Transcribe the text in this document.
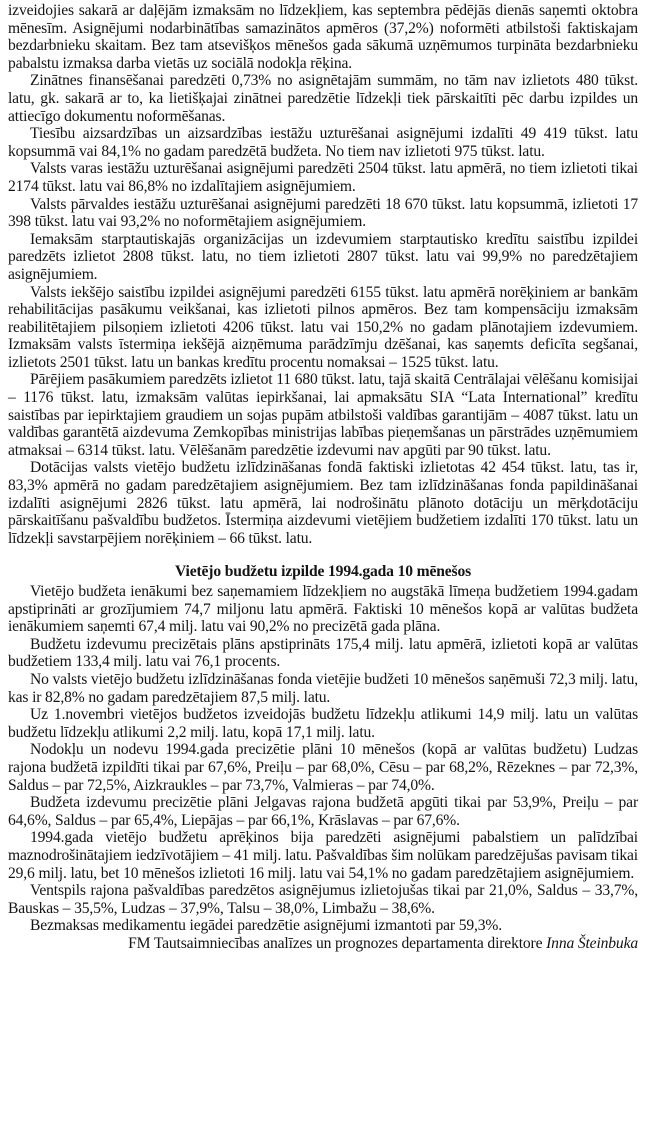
izveidojies sakarā ar daļējām izmaksām no līdzekļiem, kas septembra pēdējās dienās saņemti oktobra mēnesīm. Asignējumi nodarbinātības samazinātos apmēros (37,2%) noformēti atbilstoši faktiskajam bezdarbnieku skaitam. Bez tam atsevišķos mēnešos gada sākumā uzņēmumos turpināta bezdarbnieku pabalstu izmaksa darba vietās uz sociālā nodokļa rēķina.

Zinātnes finansēšanai paredzēti 0,73% no asignētajām summām, no tām nav izlietots 480 tūkst. latu, gk. sakarā ar to, ka lietišķajai zinātnei paredzētie līdzekļi tiek pārskaitīti pēc darbu izpildes un attiecīgo dokumentu noformēšanas.

Tiesību aizsardzības un aizsardzības iestāžu uzturēšanai asignējumi izdalīti 49 419 tūkst. latu kopsummā vai 84,1% no gadam paredzētā budžeta. No tiem nav izlietoti 975 tūkst. latu.

Valsts varas iestāžu uzturēšanai asignējumi paredzēti 2504 tūkst. latu apmērā, no tiem izlietoti tikai 2174 tūkst. latu vai 86,8% no izdalītajiem asignējumiem.

Valsts pārvaldes iestāžu uzturēšanai asignējumi paredzēti 18 670 tūkst. latu kopsummā, izlietoti 17 398 tūkst. latu vai 93,2% no noformētajiem asignējumiem.

Iemaksām starptautiskajās organizācijas un izdevumiem starptautisko kredītu saistību izpildei paredzēts izlietot 2808 tūkst. latu, no tiem izlietoti 2807 tūkst. latu vai 99,9% no paredzētajiem asignējumiem.

Valsts iekšējo saistību izpildei asignējumi paredzēti 6155 tūkst. latu apmērā norēķiniem ar bankām rehabilitācijas pasākumu veikšanai, kas izlietoti pilnos apmēros. Bez tam kompensāciju izmaksām reabilitētajiem pilsoņiem izlietoti 4206 tūkst. latu vai 150,2% no gadam plānotajiem izdevumiem. Izmaksām valsts īstermiņa iekšējā aizņēmuma parādzīmju dzēšanai, kas saņemts deficīta segšanai, izlietots 2501 tūkst. latu un bankas kredītu procentu nomaksai – 1525 tūkst. latu.

Pārējiem pasākumiem paredzēts izlietot 11 680 tūkst. latu, tajā skaitā Centrālajai vēlēšanu komisijai – 1176 tūkst. latu, izmaksām valūtas iepirkšanai, lai apmaksātu SIA “Lata International” kredītu saistības par iepirktajiem graudiem un sojas pupām atbilstoši valdības garantijām – 4087 tūkst. latu un valdības garantētā aizdevuma Zemkopības ministrijas labības pieņemšanas un pārstrādes uzņēmumiem atmaksai – 6314 tūkst. latu. Vēlēšanām paredzētie izdevumi nav apgūti par 90 tūkst. latu.

Dotācijas valsts vietējo budžetu izlīdzināšanas fondā faktiski izlietotas 42 454 tūkst. latu, tas ir, 83,3% apmērā no gadam paredzētajiem asignējumiem. Bez tam izlīdzināšanas fonda papildināšanai izdalīti asignējumi 2826 tūkst. latu apmērā, lai nodrošinātu plānoto dotāciju un mērķdotāciju pārskaitīšanu pašvaldību budžetos. Īstermiņa aizdevumi vietējiem budžetiem izdalīti 170 tūkst. latu un līdzekļi savstarpējiem norēķiniem – 66 tūkst. latu.

Vietējo budžetu izpilde 1994.gada 10 mēnešos

Vietējo budžeta ienākumi bez saņemamiem līdzekļiem no augstākā līmeņa budžetiem 1994.gadam apstiprināti ar grozījumiem 74,7 miljonu latu apmērā. Faktiski 10 mēnešos kopā ar valūtas budžeta ienākumiem saņemti 67,4 milj. latu vai 90,2% no precizētā gada plāna.

Budžetu izdevumu precizētais plāns apstiprināts 175,4 milj. latu apmērā, izlietoti kopā ar valūtas budžetiem 133,4 milj. latu vai 76,1 procents.

No valsts vietējo budžetu izlīdzināšanas fonda vietējie budžeti 10 mēnešos saņēmuši 72,3 milj. latu, kas ir 82,8% no gadam paredzētajiem 87,5 milj. latu.

Uz 1.novembri vietējos budžetos izveidojās budžetu līdzekļu atlikumi 14,9 milj. latu un valūtas budžetu līdzekļu atlikumi 2,2 milj. latu, kopā 17,1 milj. latu.

Nodokļu un nodevu 1994.gada precizētie plāni 10 mēnešos (kopā ar valūtas budžetu) Ludzas rajona budžetā izpildīti tikai par 67,6%, Preiļu – par 68,0%, Cēsu – par 68,2%, Rēzeknes – par 72,3%, Saldus – par 72,5%, Aizkraukles – par 73,7%, Valmieras – par 74,0%.

Budžeta izdevumu precizētie plāni Jelgavas rajona budžetā apgūti tikai par 53,9%, Preiļu – par 64,6%, Saldus – par 65,4%, Liepājas – par 66,1%, Krāslavas – par 67,6%.

1994.gada vietējo budžetu aprēķinos bija paredzēti asignējumi pabalstiem un palīdzībai maznodrošinātajiem iedzīvotājiem – 41 milj. latu. Pašvaldības šim nolūkam paredzējušas pavisam tikai 29,6 milj. latu, bet 10 mēnešos izlietoti 16 milj. latu vai 54,1% no gadam paredzētajiem asignējumiem.

Ventspils rajona pašvaldības paredzētos asignējumus izlietojušas tikai par 21,0%, Saldus – 33,7%, Bauskas – 35,5%, Ludzas – 37,9%, Talsu – 38,0%, Limbažu – 38,6%.

Bezmaksas medikamentu iegādei paredzētie asignējumi izmantoti par 59,3%.

FM Tautsaimniecības analīzes un prognozes departamenta direktore Inna Šteinbuka
